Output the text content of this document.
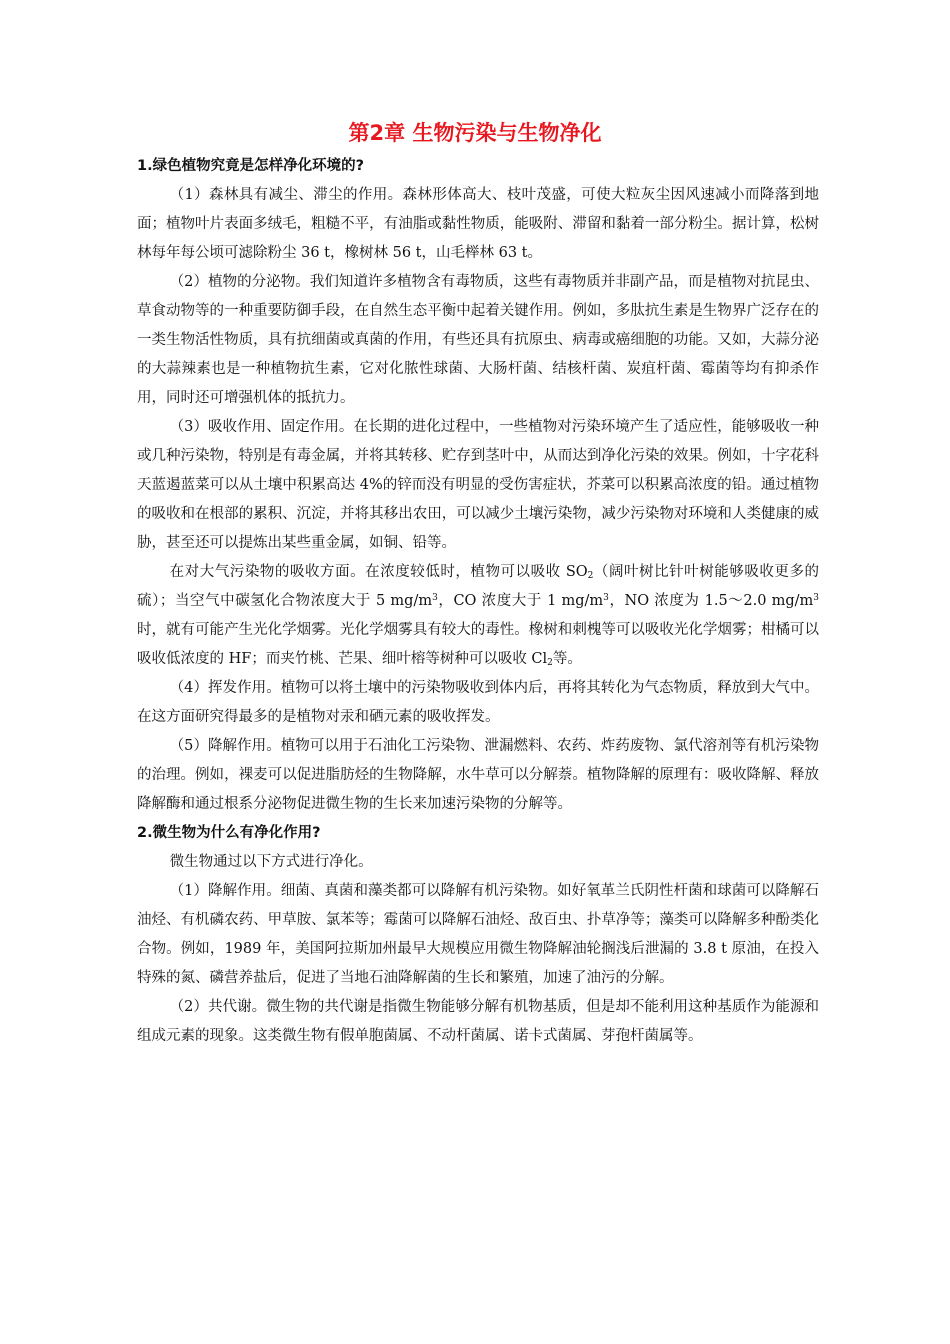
第2章 生物污染与生物净化
1.绿色植物究竟是怎样净化环境的?

（1）森林具有减尘、滞尘的作用。森林形体高大、枝叶茂盛，可使大粒灰尘因风速减小而降落到地面；植物叶片表面多绒毛，粗糙不平，有油脂或黏性物质，能吸附、滞留和黏着一部分粉尘。据计算，松树林每年每公顷可滤除粉尘 36 t，橡树林 56 t，山毛榉林 63 t。

（2）植物的分泌物。我们知道许多植物含有毒物质，这些有毒物质并非副产品，而是植物对抗昆虫、草食动物等的一种重要防御手段，在自然生态平衡中起着关键作用。例如，多肽抗生素是生物界广泛存在的一类生物活性物质，具有抗细菌或真菌的作用，有些还具有抗原虫、病毒或癌细胞的功能。又如，大蒜分泌的大蒜辣素也是一种植物抗生素，它对化脓性球菌、大肠杆菌、结核杆菌、炭疽杆菌、霉菌等均有抑杀作用，同时还可增强机体的抵抗力。

（3）吸收作用、固定作用。在长期的进化过程中，一些植物对污染环境产生了适应性，能够吸收一种或几种污染物，特别是有毒金属，并将其转移、贮存到茎叶中，从而达到净化污染的效果。例如，十字花科天蓝遏蓝菜可以从土壤中积累高达 4%的锌而没有明显的受伤害症状，芥菜可以积累高浓度的铅。通过植物的吸收和在根部的累积、沉淀，并将其移出农田，可以减少土壤污染物，减少污染物对环境和人类健康的威胁，甚至还可以提炼出某些重金属，如铜、铅等。

在对大气污染物的吸收方面。在浓度较低时，植物可以吸收 $SO_2$（阔叶树比针叶树能够吸收更多的硫）；当空气中碳氢化合物浓度大于 5 $mg/m^3$，CO 浓度大于 1 $mg/m^3$，NO 浓度为 1.5～2.0 $mg/m^3$时，就有可能产生光化学烟雾。光化学烟雾具有较大的毒性。橡树和刺槐等可以吸收光化学烟雾；柑橘可以吸收低浓度的 HF；而夹竹桃、芒果、细叶榕等树种可以吸收 $Cl_2$等。

（4）挥发作用。植物可以将土壤中的污染物吸收到体内后，再将其转化为气态物质，释放到大气中。在这方面研究得最多的是植物对汞和硒元素的吸收挥发。

（5）降解作用。植物可以用于石油化工污染物、泄漏燃料、农药、炸药废物、氯代溶剂等有机污染物的治理。例如，裸麦可以促进脂肪烃的生物降解，水牛草可以分解萘。植物降解的原理有：吸收降解、释放降解酶和通过根系分泌物促进微生物的生长来加速污染物的分解等。

2.微生物为什么有净化作用?

微生物通过以下方式进行净化。

（1）降解作用。细菌、真菌和藻类都可以降解有机污染物。如好氧革兰氏阴性杆菌和球菌可以降解石油烃、有机磷农药、甲草胺、氯苯等；霉菌可以降解石油烃、敌百虫、扑草净等；藻类可以降解多种酚类化合物。例如，1989 年，美国阿拉斯加州最早大规模应用微生物降解油轮搁浅后泄漏的 3.8 t 原油，在投入特殊的氮、磷营养盐后，促进了当地石油降解菌的生长和繁殖，加速了油污的分解。

（2）共代谢。微生物的共代谢是指微生物能够分解有机物基质，但是却不能利用这种基质作为能源和组成元素的现象。这类微生物有假单胞菌属、不动杆菌属、诺卡式菌属、芽孢杆菌属等。
